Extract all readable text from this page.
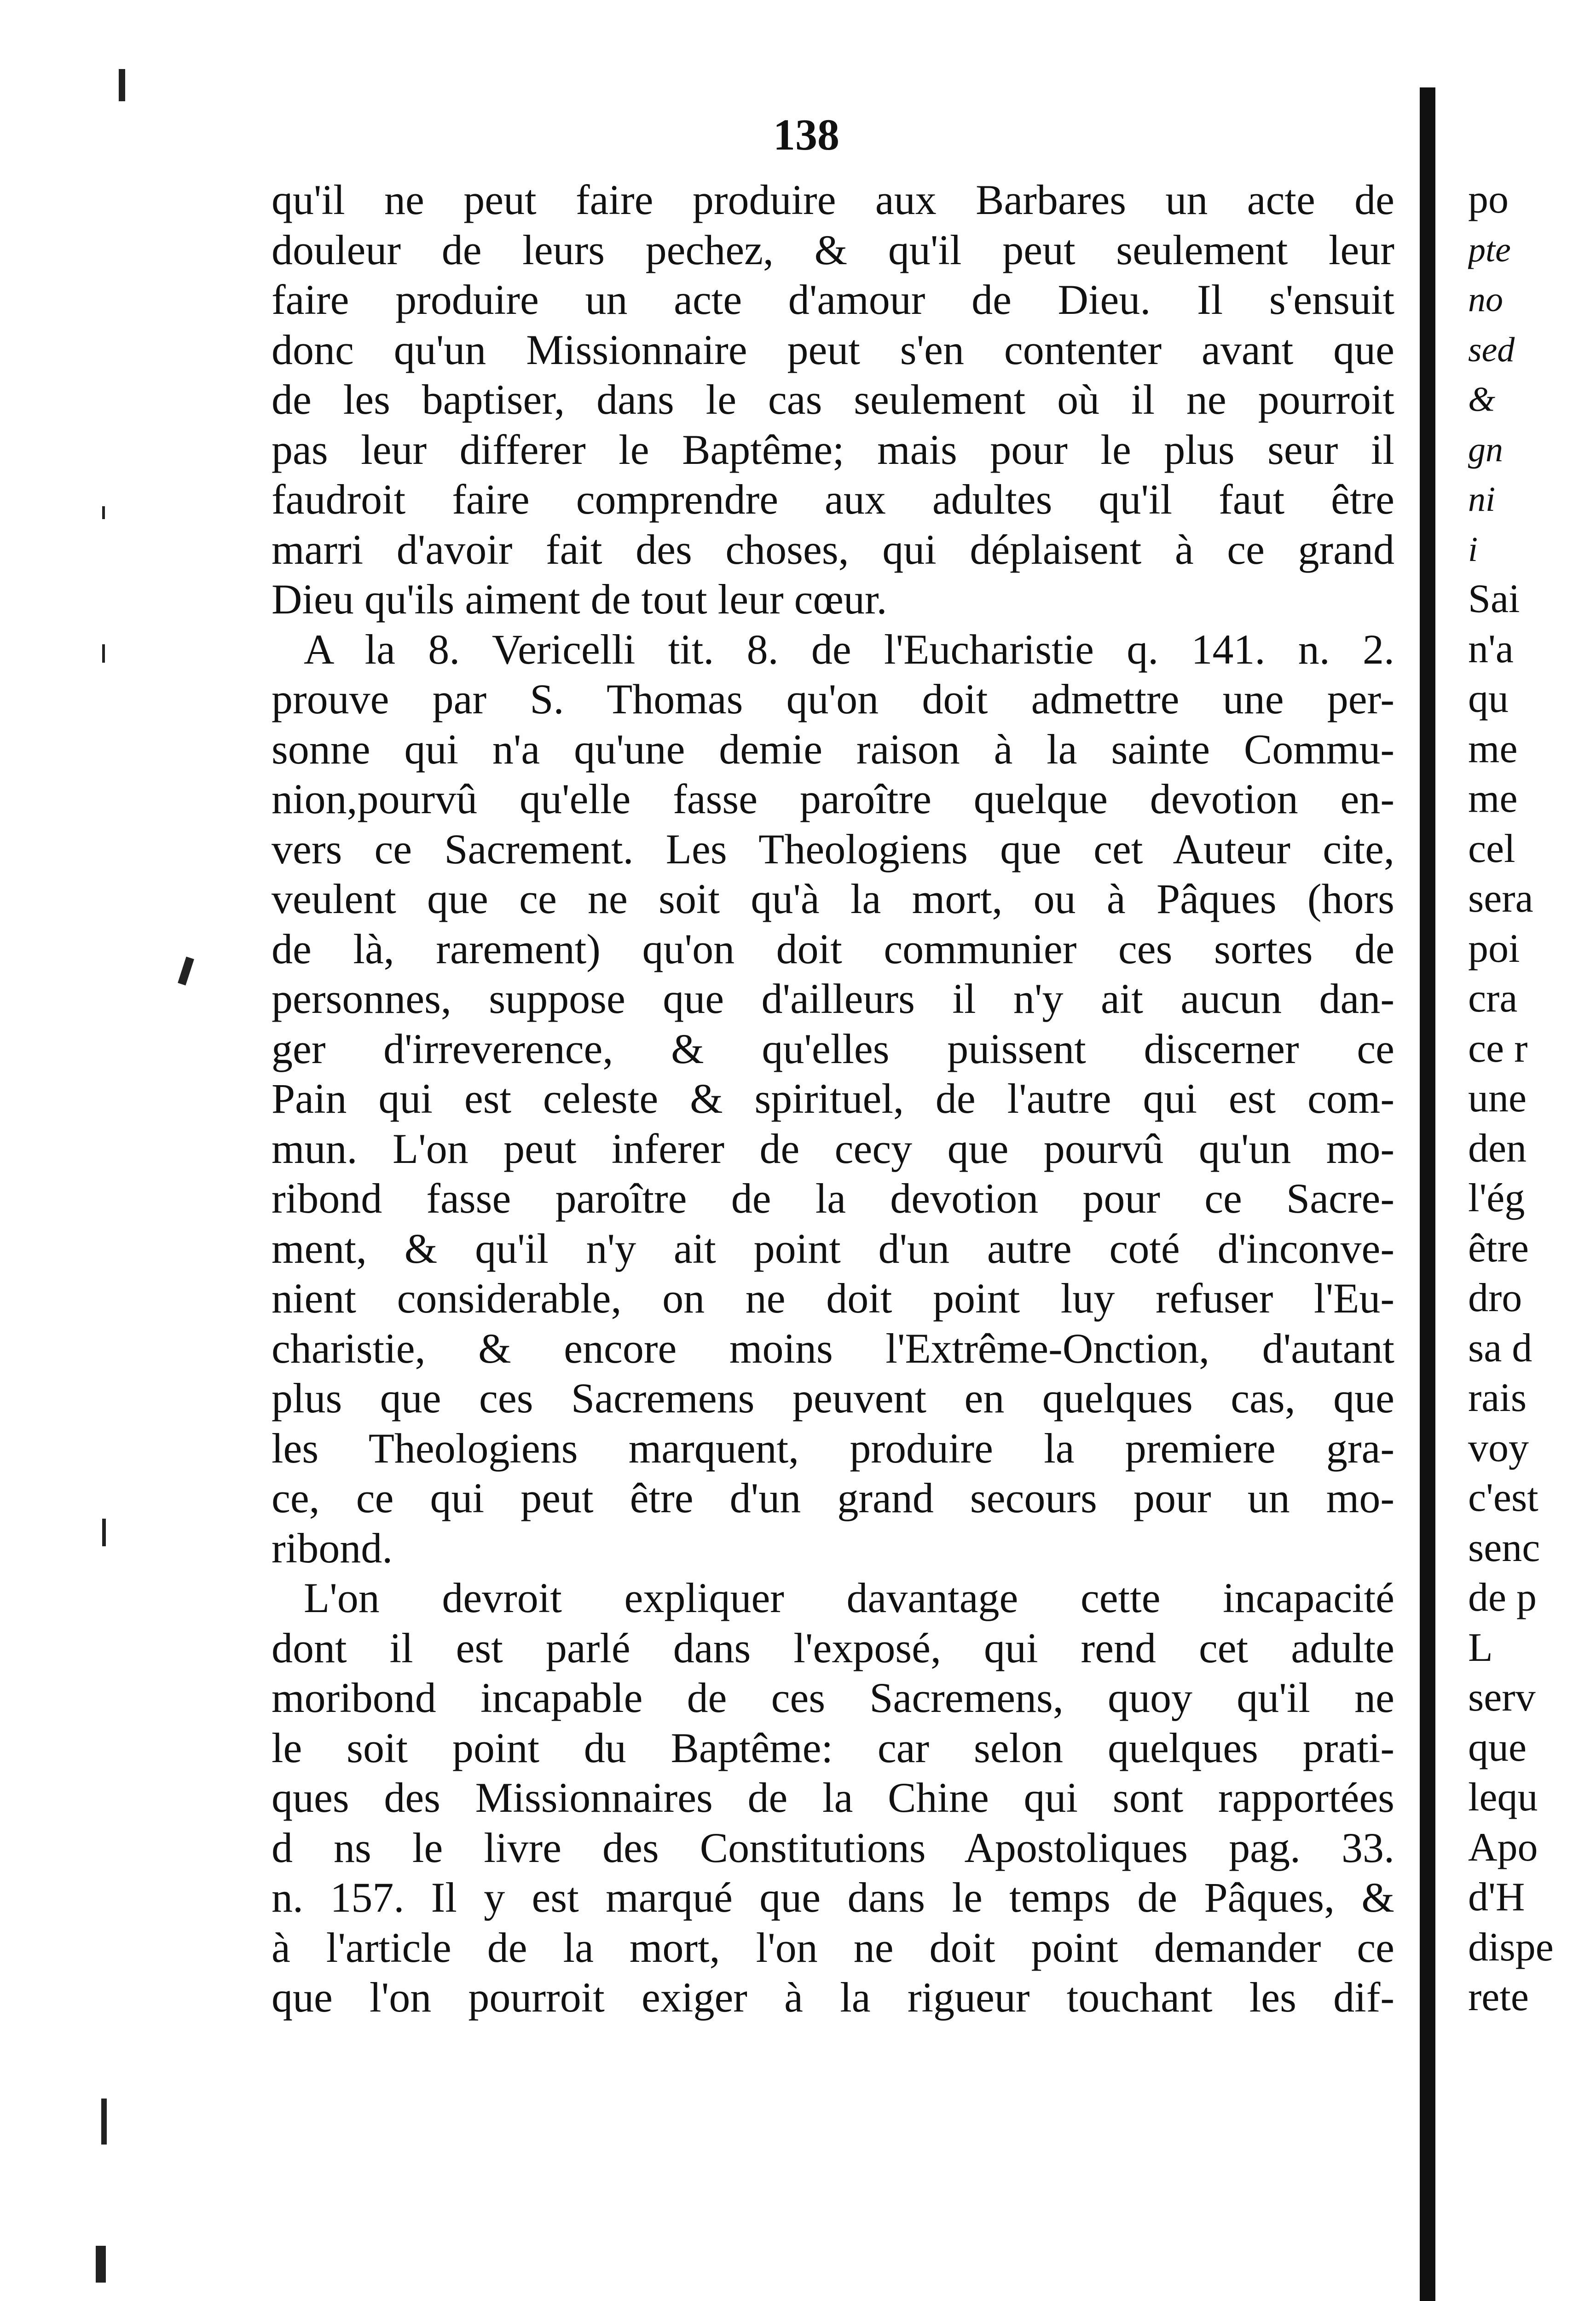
138
qu'il ne peut faire produire aux Barbares un acte de
douleur de leurs pechez, & qu'il peut seulement leur
faire produire un acte d'amour de Dieu. Il s'ensuit
donc qu'un Missionnaire peut s'en contenter avant que
de les baptiser, dans le cas seulement où il ne pourroit
pas leur differer le Baptême; mais pour le plus seur il
faudroit faire comprendre aux adultes qu'il faut être
marri d'avoir fait des choses, qui déplaisent à ce grand
Dieu qu'ils aiment de tout leur cœur.
A la 8. Vericelli tit. 8. de l'Eucharistie q. 141. n. 2.
prouve par S. Thomas qu'on doit admettre une per-
sonne qui n'a qu'une demie raison à la sainte Commu-
nion,pourvû qu'elle fasse paroître quelque devotion en-
vers ce Sacrement. Les Theologiens que cet Auteur cite,
veulent que ce ne soit qu'à la mort, ou à Pâques (hors
de là, rarement) qu'on doit communier ces sortes de
personnes, suppose que d'ailleurs il n'y ait aucun dan-
ger d'irreverence, & qu'elles puissent discerner ce
Pain qui est celeste & spirituel, de l'autre qui est com-
mun. L'on peut inferer de cecy que pourvû qu'un mo-
ribond fasse paroître de la devotion pour ce Sacre-
ment, & qu'il n'y ait point d'un autre coté d'inconve-
nient considerable, on ne doit point luy refuser l'Eu-
charistie, & encore moins l'Extrême-Onction, d'autant
plus que ces Sacremens peuvent en quelques cas, que
les Theologiens marquent, produire la premiere gra-
ce, ce qui peut être d'un grand secours pour un mo-
ribond.
L'on devroit expliquer davantage cette incapacité
dont il est parlé dans l'exposé, qui rend cet adulte
moribond incapable de ces Sacremens, quoy qu'il ne
le soit point du Baptême: car selon quelques prati-
ques des Missionnaires de la Chine qui sont rapportées
d ns le livre des Constitutions Apostoliques pag. 33.
n. 157. Il y est marqué que dans le temps de Pâques, &
à l'article de la mort, l'on ne doit point demander ce
que l'on pourroit exiger à la rigueur touchant les dif-
po
pte
no
sed
&
gn
ni
i
Sai
n'a
qu
me
me
cel
sera
poi
cra
ce r
une
den
l'ég
être
dro
sa d
rais
voy
c'est
senc
de p
L
serv
que
lequ
Apo
d'H
dispe
rete
